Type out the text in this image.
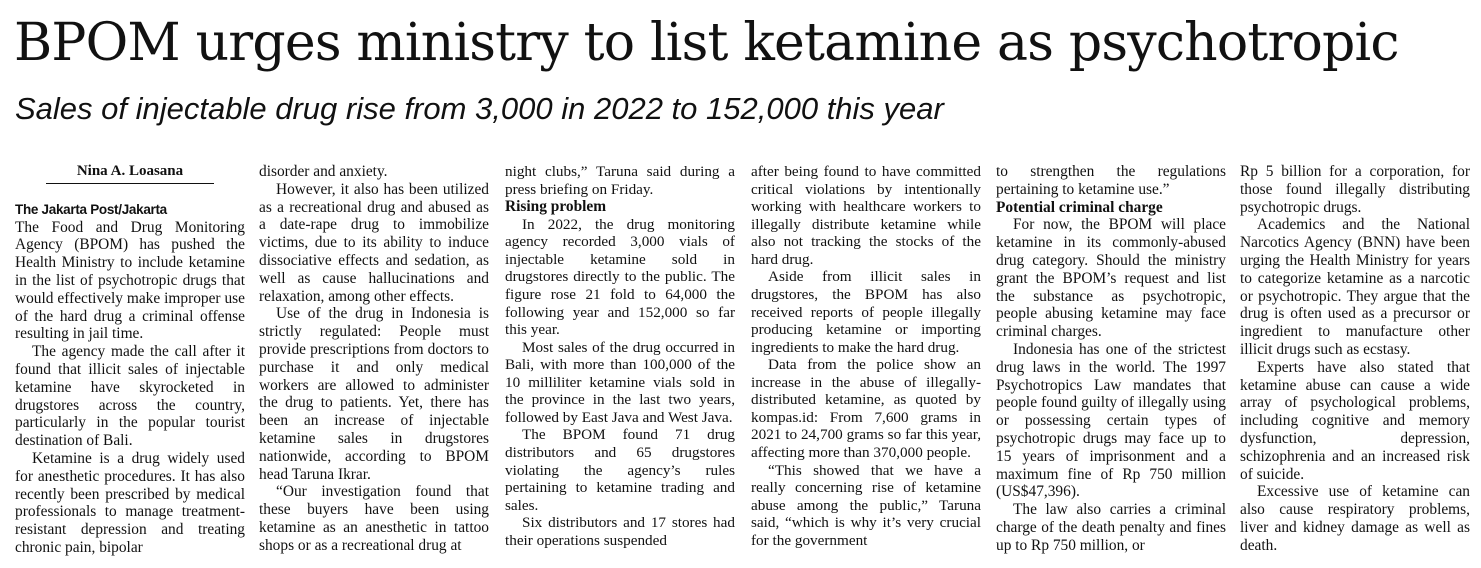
BPOM urges ministry to list ketamine as psychotropic
Sales of injectable drug rise from 3,000 in 2022 to 152,000 this year
Nina A. Loasana
The Jakarta Post/Jakarta

The Food and Drug Monitoring Agency (BPOM) has pushed the Health Ministry to include ketamine in the list of psychotropic drugs that would effectively make improper use of the hard drug a criminal offense resulting in jail time.

The agency made the call after it found that illicit sales of injectable ketamine have skyrocketed in drugstores across the country, particularly in the popular tourist destination of Bali.

Ketamine is a drug widely used for anesthetic procedures. It has also recently been prescribed by medical professionals to manage treatment-resistant depression and treating chronic pain, bipolar

disorder and anxiety.

However, it also has been utilized as a recreational drug and abused as a date-rape drug to immobilize victims, due to its ability to induce dissociative effects and sedation, as well as cause hallucinations and relaxation, among other effects.

Use of the drug in Indonesia is strictly regulated: People must provide prescriptions from doctors to purchase it and only medical workers are allowed to administer the drug to patients. Yet, there has been an increase of injectable ketamine sales in drugstores nationwide, according to BPOM head Taruna Ikrar.

“Our investigation found that these buyers have been using ketamine as an anesthetic in tattoo shops or as a recreational drug at

night clubs,” Taruna said during a press briefing on Friday.

Rising problem

In 2022, the drug monitoring agency recorded 3,000 vials of injectable ketamine sold in drugstores directly to the public. The figure rose 21 fold to 64,000 the following year and 152,000 so far this year.

Most sales of the drug occurred in Bali, with more than 100,000 of the 10 milliliter ketamine vials sold in the province in the last two years, followed by East Java and West Java.

The BPOM found 71 drug distributors and 65 drugstores violating the agency’s rules pertaining to ketamine trading and sales.

Six distributors and 17 stores had their operations suspended

after being found to have committed critical violations by intentionally working with healthcare workers to illegally distribute ketamine while also not tracking the stocks of the hard drug.

Aside from illicit sales in drugstores, the BPOM has also received reports of people illegally producing ketamine or importing ingredients to make the hard drug.

Data from the police show an increase in the abuse of illegally-distributed ketamine, as quoted by kompas.id: From 7,600 grams in 2021 to 24,700 grams so far this year, affecting more than 370,000 people.

“This showed that we have a really concerning rise of ketamine abuse among the public,” Taruna said, “which is why it’s very crucial for the government

to strengthen the regulations pertaining to ketamine use.”

Potential criminal charge

For now, the BPOM will place ketamine in its commonly-abused drug category. Should the ministry grant the BPOM’s request and list the substance as psychotropic, people abusing ketamine may face criminal charges.

Indonesia has one of the strictest drug laws in the world. The 1997 Psychotropics Law mandates that people found guilty of illegally using or possessing certain types of psychotropic drugs may face up to 15 years of imprisonment and a maximum fine of Rp 750 million (US$47,396).

The law also carries a criminal charge of the death penalty and fines up to Rp 750 million, or

Rp 5 billion for a corporation, for those found illegally distributing psychotropic drugs.

Academics and the National Narcotics Agency (BNN) have been urging the Health Ministry for years to categorize ketamine as a narcotic or psychotropic. They argue that the drug is often used as a precursor or ingredient to manufacture other illicit drugs such as ecstasy.

Experts have also stated that ketamine abuse can cause a wide array of psychological problems, including cognitive and memory dysfunction, depression, schizophrenia and an increased risk of suicide.

Excessive use of ketamine can also cause respiratory problems, liver and kidney damage as well as death.
